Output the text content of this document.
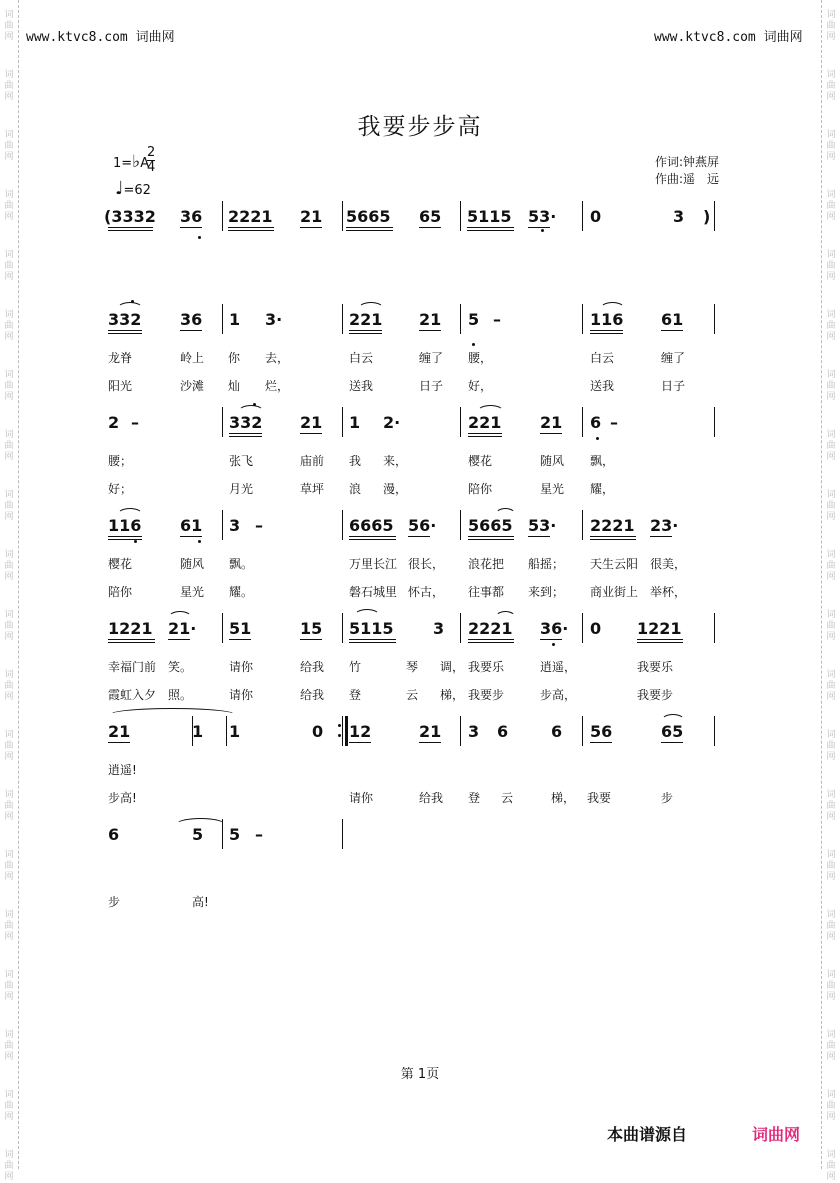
词
曲
网
词
曲
网
词
曲
网
词
曲
网
词
曲
网
词
曲
网
词
曲
网
词
曲
网
词
曲
网
词
曲
网
词
曲
网
词
曲
网
词
曲
网
词
曲
网
词
曲
网
词
曲
网
词
曲
网
词
曲
网
词
曲
网
词
曲
网
词
曲
网
词
曲
网
词
曲
网
词
曲
网
词
曲
网
词
曲
网
词
曲
网
词
曲
网
词
曲
网
词
曲
网
词
曲
网
词
曲
网
词
曲
网
词
曲
网
词
曲
网
词
曲
网
词
曲
网
词
曲
网
词
曲
网
词
曲
网
www.ktvc8.com 词曲网	www.ktvc8.com 词曲网
我要步步高
1=♭A
$\frac{2}{4}$
♩=62
作词:钟燕屏
作曲:遥　远
(3332 36 2221 21 5665 65 5115 53· 0	3 )
332 36 1 3·	221 21 5 –	116 61
龙脊	岭上 你 去，	白云	缠了 腰，	白云	缠了
阳光	沙滩 灿 烂，	送我	日子 好，	送我	日子
2 –	332 21 1 2·	221 21 6 –
腰；	张飞	庙前 我 来，	樱花	随风 飘，
好；	月光	草坪 浪 漫，	陪你	星光 耀，
116 61 3 –	6665 56· 5665 53· 2221 23·
樱花	随风 飘。	万里长江 很长， 浪花把 船摇； 天生云阳 很美，
陪你	星光 耀。	磐石城里 怀古， 往事都 来到； 商业街上 举杯，
1221 21· 51	15 5115 3 2221 36· 0 1221
幸福门前 笑。	请你	给我 竹	琴 调， 我要乐	逍遥，	我要乐
霞虹入夕 照。	请你	给我 登	云 梯， 我要步	步高，	我要步
21	1 1	0 12	21 3 6	6 56	65
逍遥!
步高!	请你	给我 登 云	梯， 我要	步
6	5 5 –
步	高!
第 1页
本曲谱源自	词曲网
